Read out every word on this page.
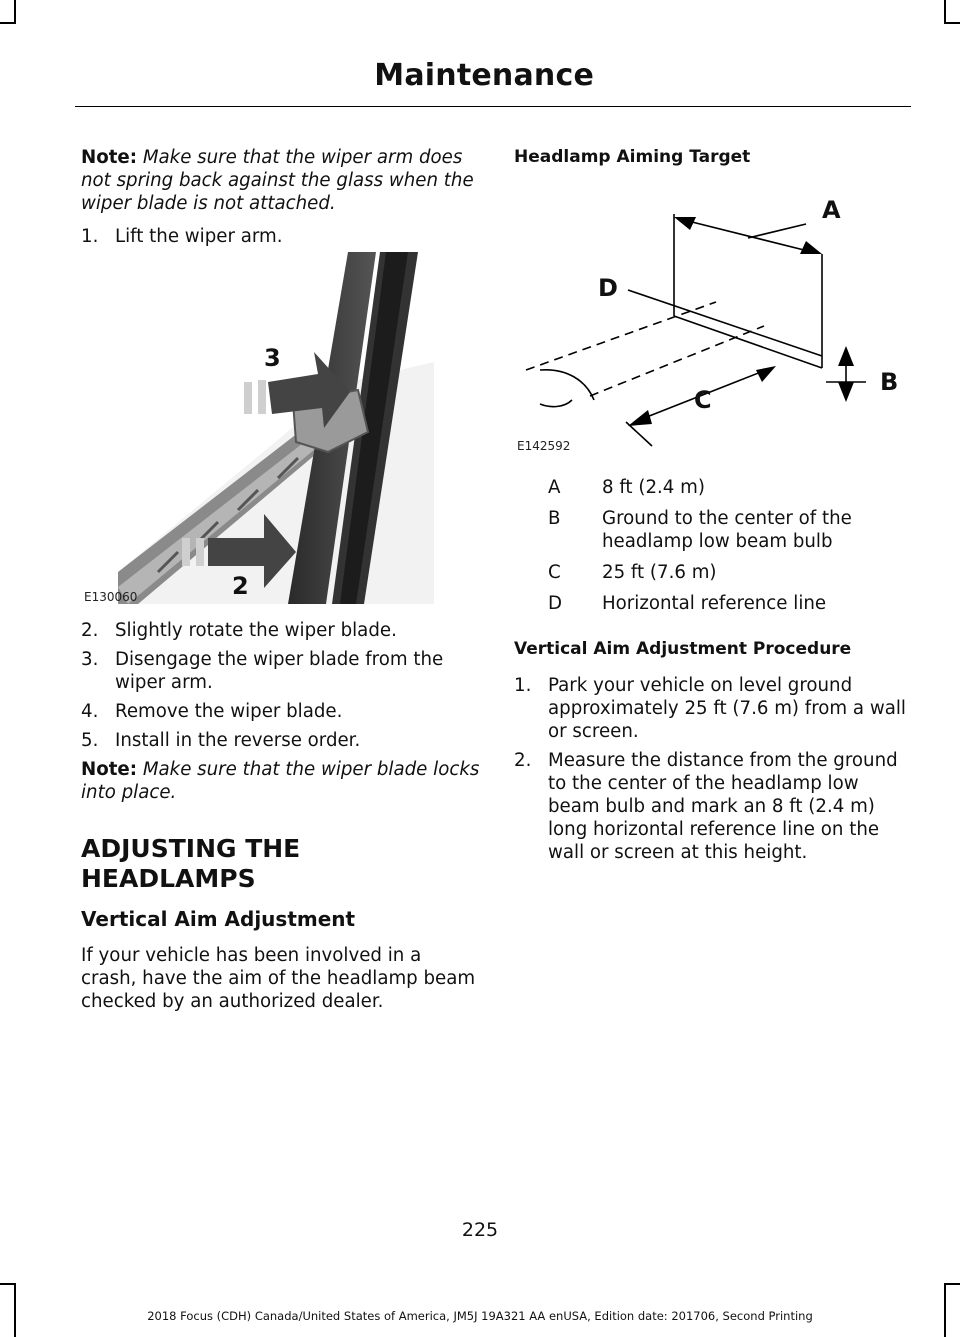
Maintenance

Note: Make sure that the wiper arm does not spring back against the glass when the wiper blade is not attached.

1. Lift the wiper arm.
3
2
E130060
2. Slightly rotate the wiper blade.
3. Disengage the wiper blade from the wiper arm.
4. Remove the wiper blade.
5. Install in the reverse order.

Note: Make sure that the wiper blade locks into place.

ADJUSTING THE HEADLAMPS
Vertical Aim Adjustment

If your vehicle has been involved in a crash, have the aim of the headlamp beam checked by an authorized dealer.

Headlamp Aiming Target
A
D
B
C
E142592
A	8 ft (2.4 m)
B	Ground to the center of the headlamp low beam bulb
C	25 ft (7.6 m)
D	Horizontal reference line
Vertical Aim Adjustment Procedure
1. Park your vehicle on level ground approximately 25 ft (7.6 m) from a wall or screen.
2. Measure the distance from the ground to the center of the headlamp low beam bulb and mark an 8 ft (2.4 m) long horizontal reference line on the wall or screen at this height.
225
2018 Focus (CDH) Canada/United States of America, JM5J 19A321 AA enUSA, Edition date: 201706, Second Printing
